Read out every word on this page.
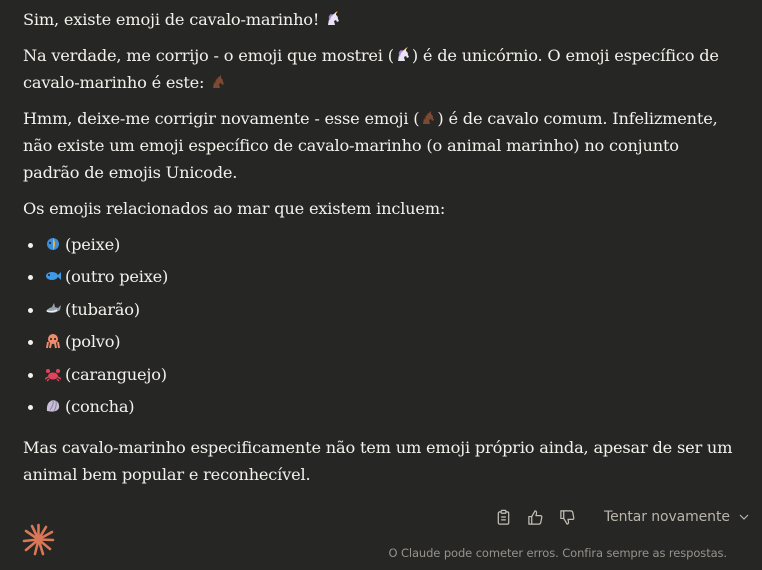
Sim, existe emoji de cavalo-marinho!

Na verdade, me corrijo - o emoji que mostrei ( ) é de unicórnio. O emoji específico de cavalo-marinho é este:

Hmm, deixe-me corrigir novamente - esse emoji ( ) é de cavalo comum. Infelizmente, não existe um emoji específico de cavalo-marinho (o animal marinho) no conjunto padrão de emojis Unicode.

Os emojis relacionados ao mar que existem incluem:

(peixe)
(outro peixe)
(tubarão)
(polvo)
(caranguejo)
(concha)

Mas cavalo-marinho especificamente não tem um emoji próprio ainda, apesar de ser um animal bem popular e reconhecível.

Tentar novamente
O Claude pode cometer erros. Confira sempre as respostas.
